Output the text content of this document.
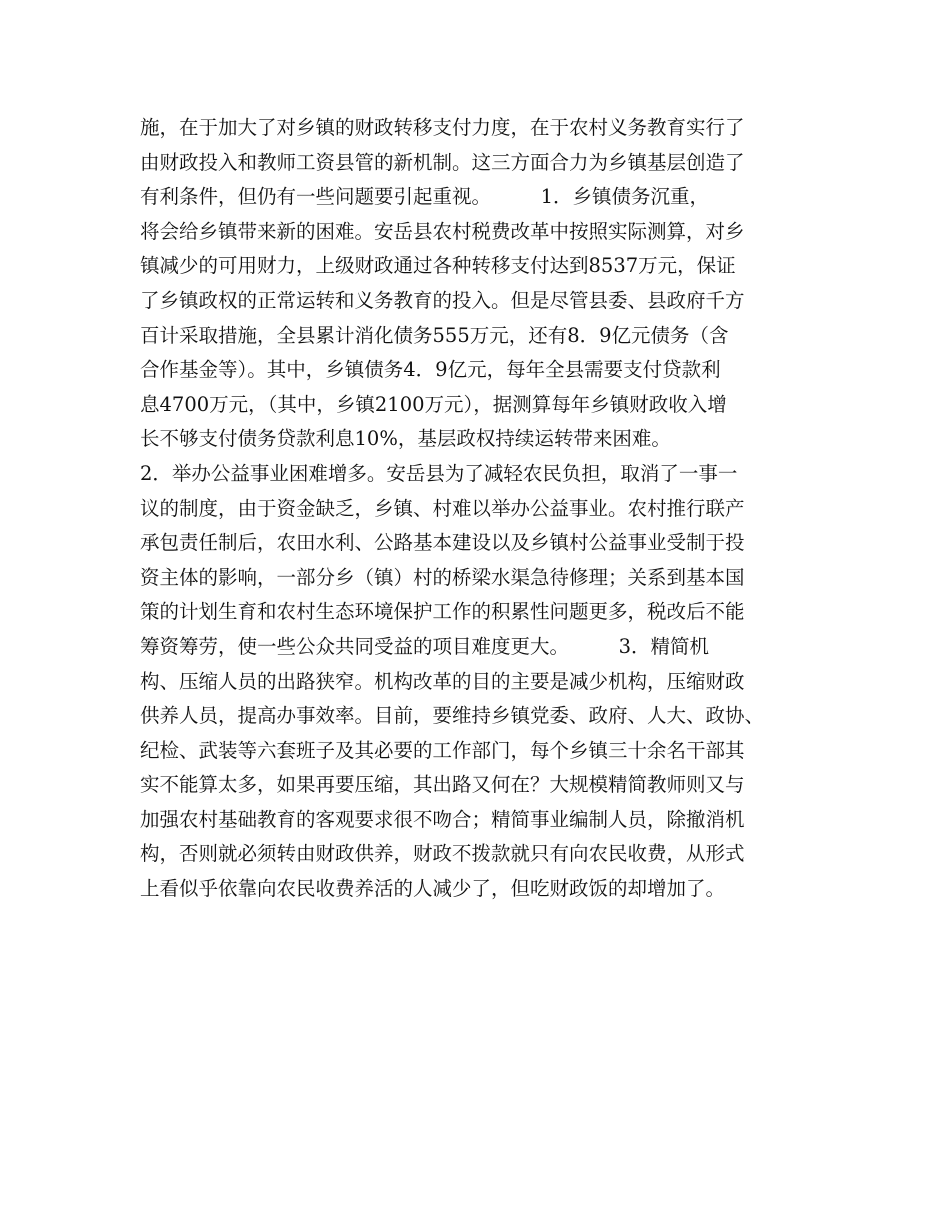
施，在于加大了对乡镇的财政转移支付力度，在于农村义务教育实行了
由财政投入和教师工资县管的新机制。这三方面合力为乡镇基层创造了
有利条件，但仍有一些问题要引起重视。        1．乡镇债务沉重，
将会给乡镇带来新的困难。安岳县农村税费改革中按照实际测算，对乡
镇减少的可用财力，上级财政通过各种转移支付达到8537万元，保证
了乡镇政权的正常运转和义务教育的投入。但是尽管县委、县政府千方
百计采取措施，全县累计消化债务555万元，还有8．9亿元债务（含
合作基金等）。其中，乡镇债务4．9亿元，每年全县需要支付贷款利
息4700万元，（其中，乡镇2100万元），据测算每年乡镇财政收入增
长不够支付债务贷款利息10%，基层政权持续运转带来困难。
2．举办公益事业困难增多。安岳县为了减轻农民负担，取消了一事一
议的制度，由于资金缺乏，乡镇、村难以举办公益事业。农村推行联产
承包责任制后，农田水利、公路基本建设以及乡镇村公益事业受制于投
资主体的影响，一部分乡（镇）村的桥梁水渠急待修理；关系到基本国
策的计划生育和农村生态环境保护工作的积累性问题更多，税改后不能
筹资筹劳，使一些公众共同受益的项目难度更大。        3．精简机
构、压缩人员的出路狭窄。机构改革的目的主要是减少机构，压缩财政
供养人员，提高办事效率。目前，要维持乡镇党委、政府、人大、政协、
纪检、武装等六套班子及其必要的工作部门，每个乡镇三十余名干部其
实不能算太多，如果再要压缩，其出路又何在？大规模精简教师则又与
加强农村基础教育的客观要求很不吻合；精简事业编制人员，除撤消机
构，否则就必须转由财政供养，财政不拨款就只有向农民收费，从形式
上看似乎依靠向农民收费养活的人减少了，但吃财政饭的却增加了。
